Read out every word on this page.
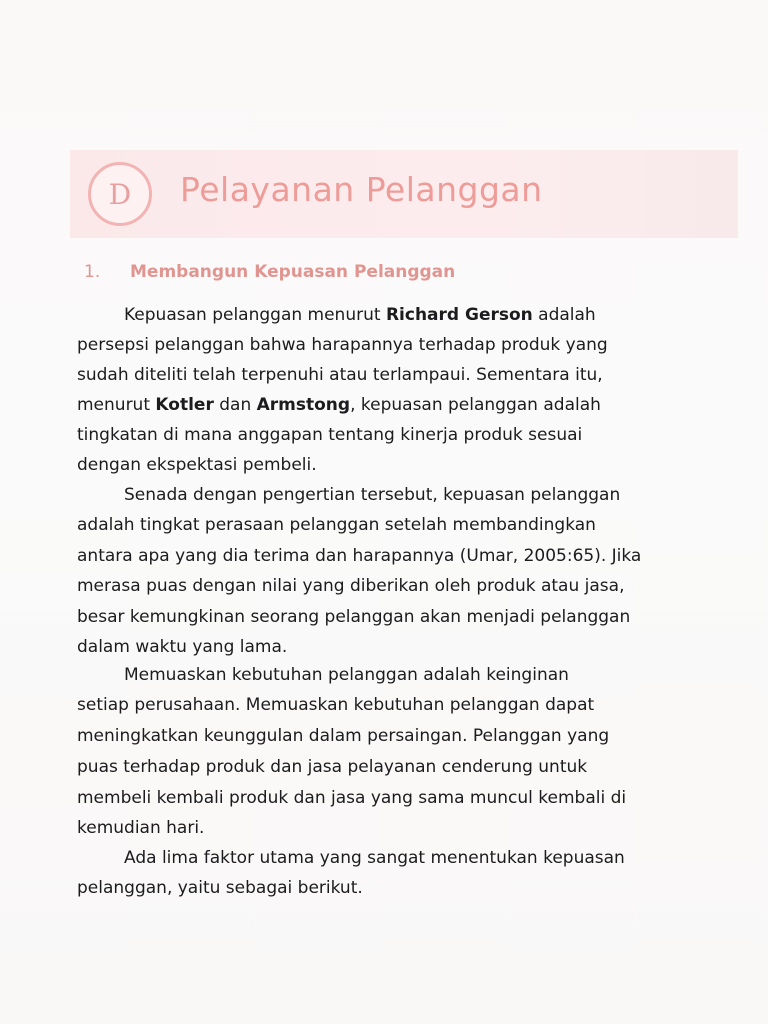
D Pelayanan Pelanggan
1. Membangun Kepuasan Pelanggan
Kepuasan pelanggan menurut Richard Gerson adalah
persepsi pelanggan bahwa harapannya terhadap produk yang
sudah diteliti telah terpenuhi atau terlampaui. Sementara itu,
menurut Kotler dan Armstong, kepuasan pelanggan adalah
tingkatan di mana anggapan tentang kinerja produk sesuai
dengan ekspektasi pembeli.
Senada dengan pengertian tersebut, kepuasan pelanggan
adalah tingkat perasaan pelanggan setelah membandingkan
antara apa yang dia terima dan harapannya (Umar, 2005:65). Jika
merasa puas dengan nilai yang diberikan oleh produk atau jasa,
besar kemungkinan seorang pelanggan akan menjadi pelanggan
dalam waktu yang lama.
Memuaskan kebutuhan pelanggan adalah keinginan
setiap perusahaan. Memuaskan kebutuhan pelanggan dapat
meningkatkan keunggulan dalam persaingan. Pelanggan yang
puas terhadap produk dan jasa pelayanan cenderung untuk
membeli kembali produk dan jasa yang sama muncul kembali di
kemudian hari.
Ada lima faktor utama yang sangat menentukan kepuasan
pelanggan, yaitu sebagai berikut.
